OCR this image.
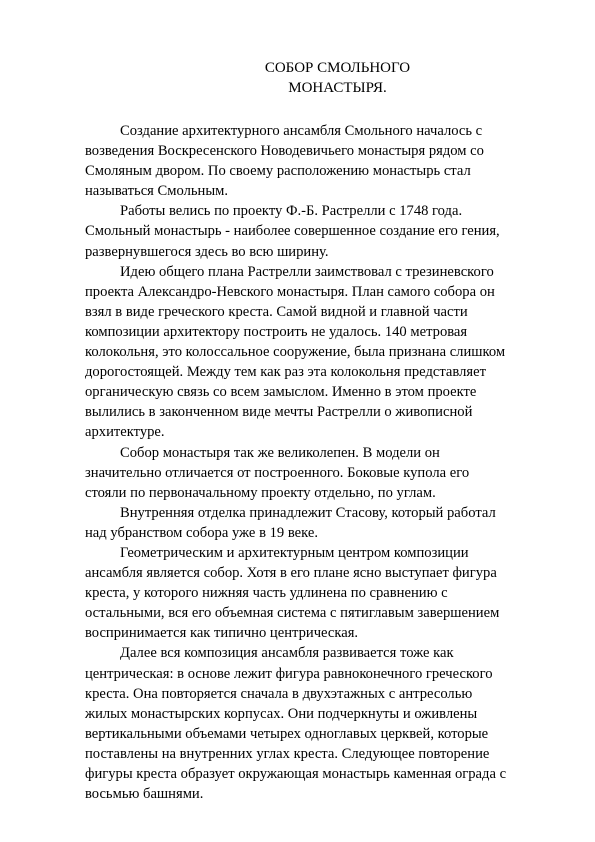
СОБОР СМОЛЬНОГО
МОНАСТЫРЯ.
Создание архитектурного ансамбля Смольного началось с
возведения Воскресенского Новодевичьего монастыря рядом со
Смоляным двором. По своему расположению монастырь стал
называться Смольным.
Работы велись по проекту Ф.-Б. Растрелли с 1748 года.
Смольный монастырь - наиболее совершенное создание его гения,
развернувшегося здесь во всю ширину.
Идею общего плана Растрелли заимствовал с трезиневского
проекта Александро-Невского монастыря. План самого собора он
взял в виде греческого креста. Самой видной и главной части
композиции архитектору построить не удалось. 140 метровая
колокольня, это колоссальное сооружение, была признана слишком
дорогостоящей. Между тем как раз эта колокольня представляет
органическую связь со всем замыслом. Именно в этом проекте
вылились в законченном виде мечты Растрелли о живописной
архитектуре.
Собор монастыря так же великолепен. В модели он
значительно отличается от построенного. Боковые купола его
стояли по первоначальному проекту отдельно, по углам.
Внутренняя отделка принадлежит Стасову, который работал
над убранством собора уже в 19 веке.
Геометрическим и архитектурным центром композиции
ансамбля является собор. Хотя в его плане ясно выступает фигура
креста, у которого нижняя часть удлинена по сравнению с
остальными, вся его объемная система с пятиглавым завершением
воспринимается как типично центрическая.
Далее вся композиция ансамбля развивается тоже как
центрическая: в основе лежит фигура равноконечного греческого
креста. Она повторяется сначала в двухэтажных с антресолью
жилых монастырских корпусах. Они подчеркнуты и оживлены
вертикальными объемами четырех одноглавых церквей, которые
поставлены на внутренних углах креста. Следующее повторение
фигуры креста образует окружающая монастырь каменная ограда с
восьмью башнями.
